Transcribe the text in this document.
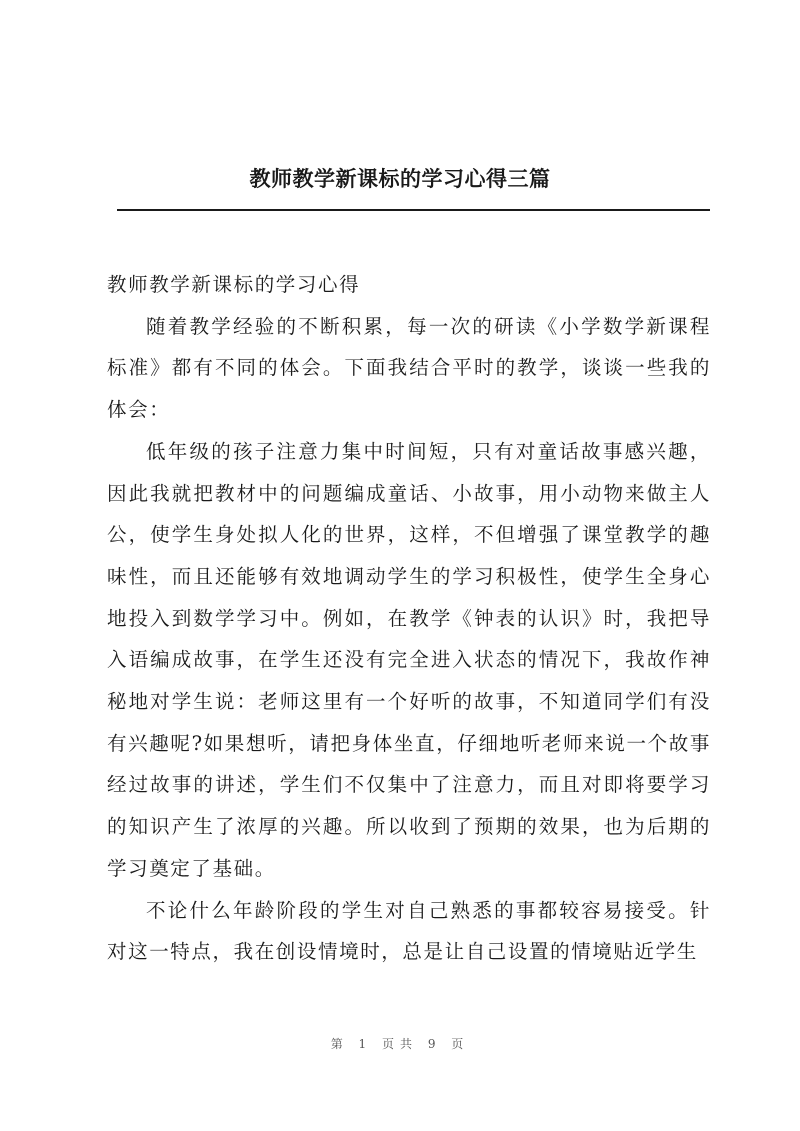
教师教学新课标的学习心得三篇

教师教学新课标的学习心得

随着教学经验的不断积累，每一次的研读《小学数学新课程标准》都有不同的体会。下面我结合平时的教学，谈谈一些我的体会：

低年级的孩子注意力集中时间短，只有对童话故事感兴趣，因此我就把教材中的问题编成童话、小故事，用小动物来做主人公，使学生身处拟人化的世界，这样，不但增强了课堂教学的趣味性，而且还能够有效地调动学生的学习积极性，使学生全身心地投入到数学学习中。例如，在教学《钟表的认识》时，我把导入语编成故事，在学生还没有完全进入状态的情况下，我故作神秘地对学生说：老师这里有一个好听的故事，不知道同学们有没有兴趣呢?如果想听，请把身体坐直，仔细地听老师来说一个故事经过故事的讲述，学生们不仅集中了注意力，而且对即将要学习的知识产生了浓厚的兴趣。所以收到了预期的效果，也为后期的学习奠定了基础。

不论什么年龄阶段的学生对自己熟悉的事都较容易接受。针对这一特点，我在创设情境时，总是让自己设置的情境贴近学生

第 1 页共 9 页
